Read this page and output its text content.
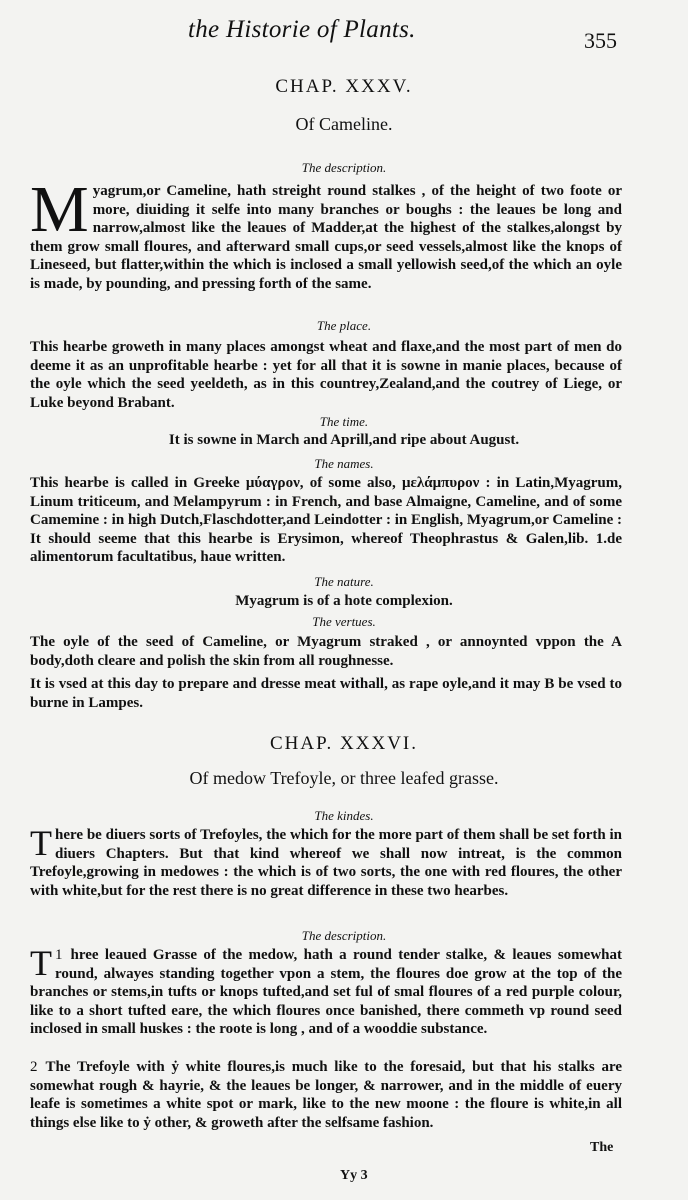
the Historie of Plants.	355
CHAP. XXXV.
Of Cameline.
The description.
Myagrum,or Cameline, hath streight round stalkes , of the height of two foote or more, diuiding it selfe into many branches or boughs : the leaues be long and narrow,almost like the leaues of Madder,at the highest of the stalkes,alongst by them grow small floures, and afterward small cups,or seed vessels,almost like the knops of Lineseed, but flatter,within the which is inclosed a small yellowish seed,of the which an oyle is made, by pounding, and pressing forth of the same.
The place.
This hearbe groweth in many places amongst wheat and flaxe,and the most part of men do deeme it as an unprofitable hearbe : yet for all that it is sowne in manie places, because of the oyle which the seed yeeldeth, as in this countrey,Zealand,and the coutrey of Liege, or Luke beyond Brabant.
The time.
It is sowne in March and Aprill,and ripe about August.
The names.
This hearbe is called in Greeke μύαγρον, of some also, μελάμπυρον : in Latin,Myagrum, Linum triticeum, and Melampyrum : in French, and base Almaigne, Cameline, and of some Camemine : in high Dutch,Flaschdotter,and Leindotter : in English, Myagrum,or Cameline : It should seeme that this hearbe is Erysimon, whereof Theophrastus & Galen,lib. 1.de alimentorum facultatibus, haue written.
The nature.
Myagrum is of a hote complexion.
The vertues.
The oyle of the seed of Cameline, or Myagrum straked , or annoynted vppon the A body,doth cleare and polish the skin from all roughnesse.
It is vsed at this day to prepare and dresse meat withall, as rape oyle,and it may B be vsed to burne in Lampes.
CHAP. XXXVI.
Of medow Trefoyle, or three leafed grasse.
The kindes.
There be diuers sorts of Trefoyles, the which for the more part of them shall be set forth in diuers Chapters. But that kind whereof we shall now intreat, is the common Trefoyle,growing in medowes : the which is of two sorts, the one with red floures, the other with white,but for the rest there is no great difference in these two hearbes.
The description.
1
T hree leaued Grasse of the medow, hath a round tender stalke, & leaues somewhat round, alwayes standing together vpon a stem, the floures doe grow at the top of the branches or stems,in tufts or knops tufted,and set ful of smal floures of a red purple colour, like to a short tufted eare, the which floures once banished, there commeth vp round seed inclosed in small huskes : the roote is long , and of a wooddie substance.
2 The Trefoyle with ẏ white floures,is much like to the foresaid, but that his stalks are somewhat rough & hayrie, & the leaues be longer, & narrower, and in the middle of euery leafe is sometimes a white spot or mark, like to the new moone : the floure is white,in all things else like to ẏ other, & groweth after the selfsame fashion.
The
Yy 3
